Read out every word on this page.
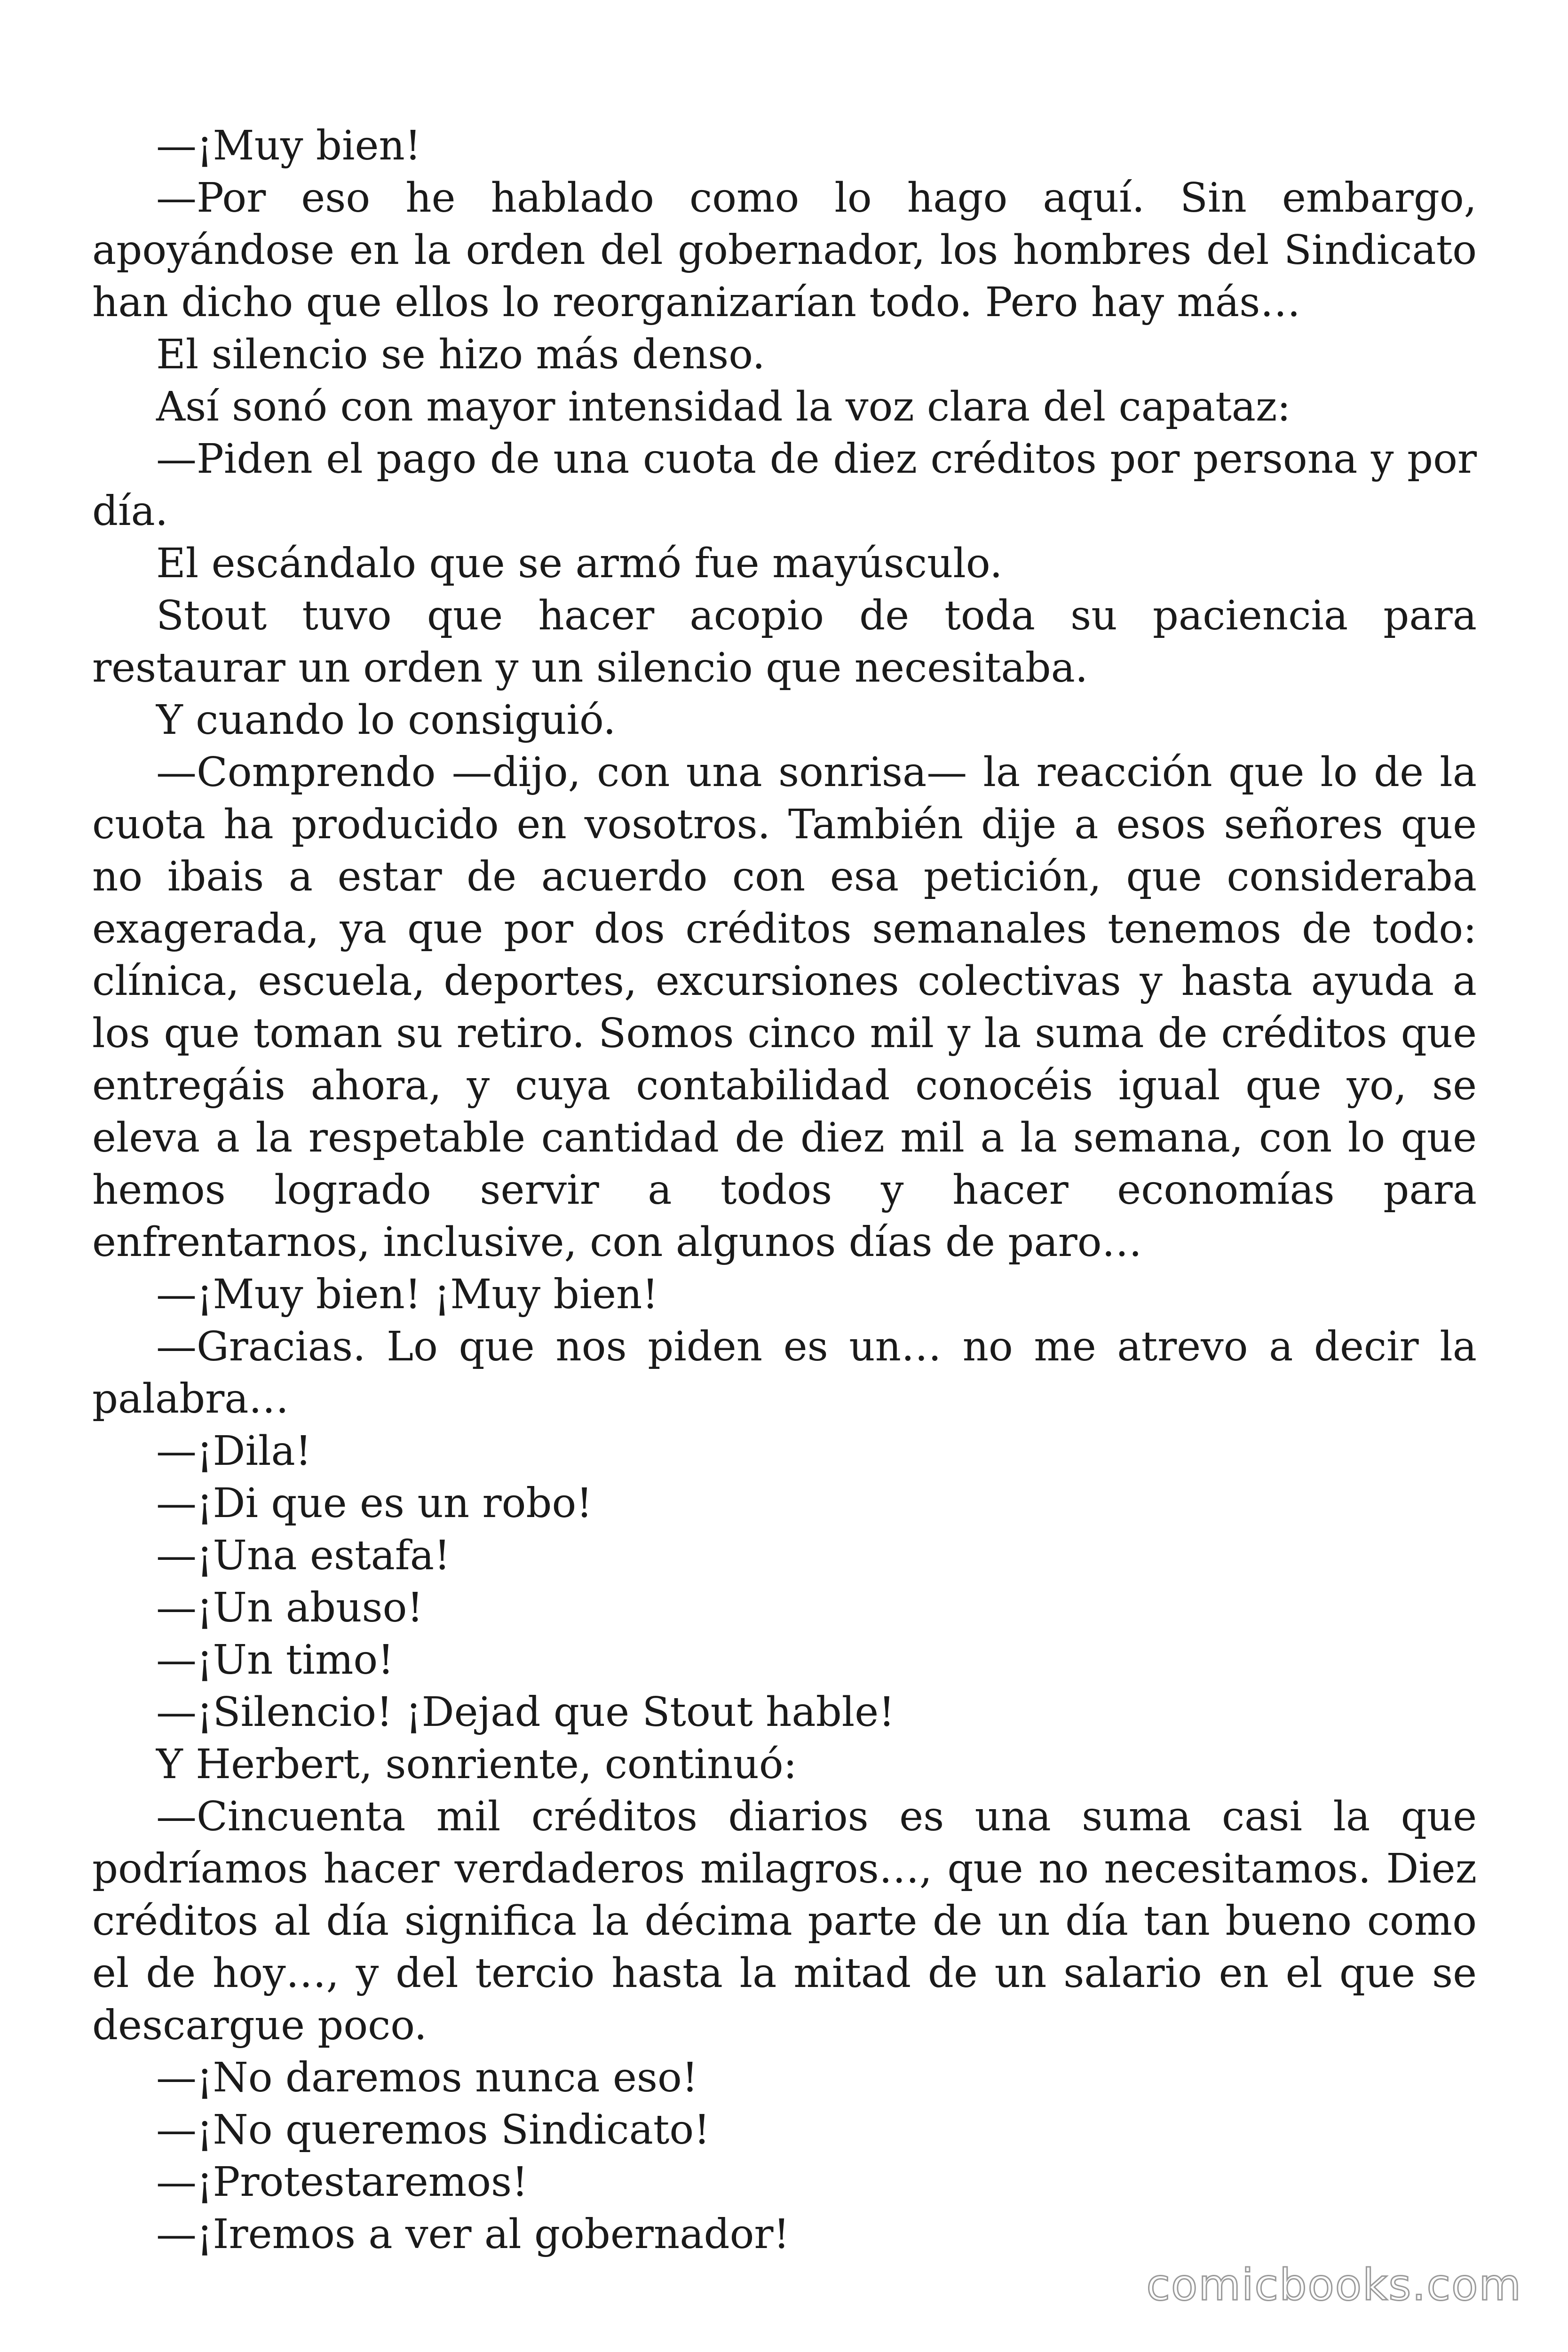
—¡Muy bien!

—Por eso he hablado como lo hago aquí. Sin embargo, apoyándose en la orden del gobernador, los hombres del Sindicato han dicho que ellos lo reorganizarían todo. Pero hay más…

El silencio se hizo más denso.

Así sonó con mayor intensidad la voz clara del capataz:

—Piden el pago de una cuota de diez créditos por persona y por día.

El escándalo que se armó fue mayúsculo.

Stout tuvo que hacer acopio de toda su paciencia para restaurar un orden y un silencio que necesitaba.

Y cuando lo consiguió.

—Comprendo —dijo, con una sonrisa— la reacción que lo de la cuota ha producido en vosotros. También dije a esos señores que no ibais a estar de acuerdo con esa petición, que consideraba exagerada, ya que por dos créditos semanales tenemos de todo: clínica, escuela, deportes, excursiones colectivas y hasta ayuda a los que toman su retiro. Somos cinco mil y la suma de créditos que entregáis ahora, y cuya contabilidad conocéis igual que yo, se eleva a la respetable cantidad de diez mil a la semana, con lo que hemos logrado servir a todos y hacer economías para enfrentarnos, inclusive, con algunos días de paro…

—¡Muy bien! ¡Muy bien!

—Gracias. Lo que nos piden es un… no me atrevo a decir la palabra…

—¡Dila!

—¡Di que es un robo!

—¡Una estafa!

—¡Un abuso!

—¡Un timo!

—¡Silencio! ¡Dejad que Stout hable!

Y Herbert, sonriente, continuó:

—Cincuenta mil créditos diarios es una suma casi la que podríamos hacer verdaderos milagros…, que no necesitamos. Diez créditos al día significa la décima parte de un día tan bueno como el de hoy…, y del tercio hasta la mitad de un salario en el que se descargue poco.

—¡No daremos nunca eso!

—¡No queremos Sindicato!

—¡Protestaremos!

—¡Iremos a ver al gobernador!

comicbooks.com
